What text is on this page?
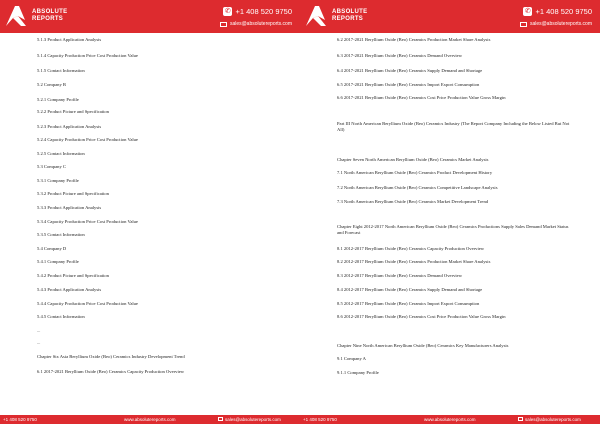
ABSOLUTE
REPORTS
✆ +1 408 520 9750
sales@absolutereports.com
5.1.3 Product Application Analysis
5.1.4 Capacity Production Price Cost Production Value
5.1.5 Contact Information
5.2 Company B
5.2.1 Company Profile
5.2.2 Product Picture and Specification
5.2.3 Product Application Analysis
5.2.4 Capacity Production Price Cost Production Value
5.2.5 Contact Information
5.3 Company C
5.3.1 Company Profile
5.3.2 Product Picture and Specification
5.3.3 Product Application Analysis
5.3.4 Capacity Production Price Cost Production Value
5.3.5 Contact Information
5.4 Company D
5.4.1 Company Profile
5.4.2 Product Picture and Specification
5.4.3 Product Application Analysis
5.4.4 Capacity Production Price Cost Production Value
5.4.5 Contact Information
...
...
Chapter Six Asia Beryllium Oxide (Beo) Ceramics Industry Development Trend
6.1 2017-2021 Beryllium Oxide (Beo) Ceramics Capacity Production Overview
+1 408 520 9750	www.absolutereports.com	sales@absolutereports.com
ABSOLUTE
REPORTS
✆ +1 408 520 9750
sales@absolutereports.com
6.2 2017-2021 Beryllium Oxide (Beo) Ceramics Production Market Share Analysis
6.3 2017-2021 Beryllium Oxide (Beo) Ceramics Demand Overview
6.4 2017-2021 Beryllium Oxide (Beo) Ceramics Supply Demand and Shortage
6.5 2017-2021 Beryllium Oxide (Beo) Ceramics Import Export Consumption
6.6 2017-2021 Beryllium Oxide (Beo) Ceramics Cost Price Production Value Gross Margin
Part III North American Beryllium Oxide (Beo) Ceramics Industry (The Report Company Including the Below Listed But Not All)
Chapter Seven North American Beryllium Oxide (Beo) Ceramics Market Analysis
7.1 North American Beryllium Oxide (Beo) Ceramics Product Development History
7.2 North American Beryllium Oxide (Beo) Ceramics Competitive Landscape Analysis
7.3 North American Beryllium Oxide (Beo) Ceramics Market Development Trend
Chapter Eight 2012-2017 North American Beryllium Oxide (Beo) Ceramics Productions Supply Sales Demand Market Status and Forecast
8.1 2012-2017 Beryllium Oxide (Beo) Ceramics Capacity Production Overview
8.2 2012-2017 Beryllium Oxide (Beo) Ceramics Production Market Share Analysis
8.3 2012-2017 Beryllium Oxide (Beo) Ceramics Demand Overview
8.4 2012-2017 Beryllium Oxide (Beo) Ceramics Supply Demand and Shortage
8.5 2012-2017 Beryllium Oxide (Beo) Ceramics Import Export Consumption
8.6 2012-2017 Beryllium Oxide (Beo) Ceramics Cost Price Production Value Gross Margin
Chapter Nine North American Beryllium Oxide (Beo) Ceramics Key Manufacturers Analysis
9.1 Company A
9.1.1 Company Profile
+1 408 520 9750	www.absolutereports.com	sales@absolutereports.com
